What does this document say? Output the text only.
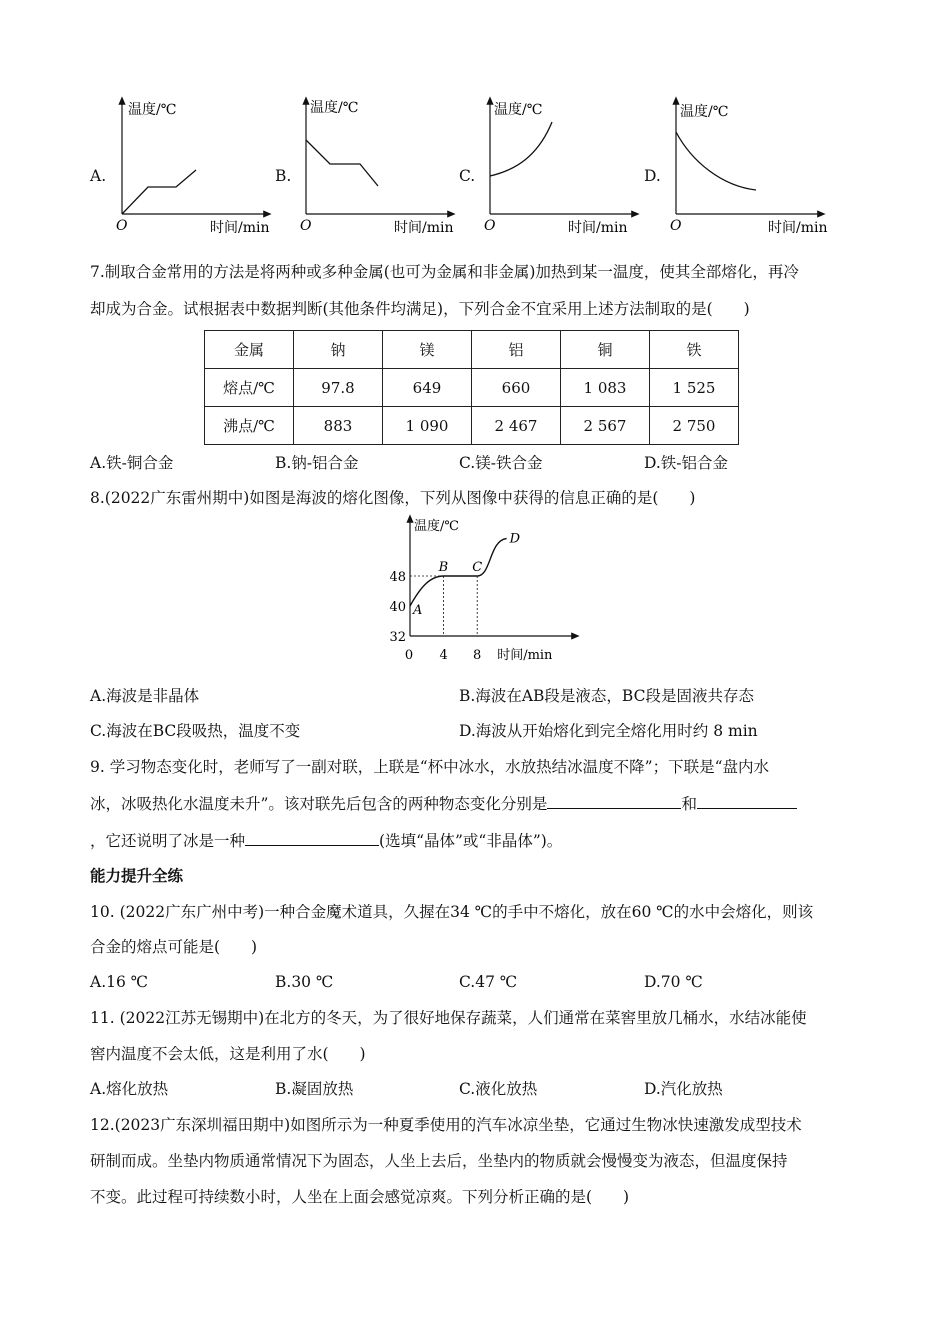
A.
温度/℃
O	时间/min
B.
温度/℃
O	时间/min
C.
温度/℃
O	时间/min
D.
温度/℃
O	时间/min
7.制取合金常用的方法是将两种或多种金属(也可为金属和非金属)加热到某一温度，使其全部熔化，再冷
却成为合金。试根据表中数据判断(其他条件均满足)，下列合金不宜采用上述方法制取的是(　　)
金属	钠	镁	铝	铜	铁
熔点/℃	97.8	649	660	1 083	1 525
沸点/℃	883	1 090	2 467	2 567	2 750
A.铁-铜合金	B.钠-铝合金	C.镁-铁合金	D.铁-铝合金
8.(2022广东雷州期中)如图是海波的熔化图像，下列从图像中获得的信息正确的是(　　)
温度/℃
时间/min
32
40
48
0 4 8
A
B C
D
A.海波是非晶体	B.海波在AB段是液态，BC段是固液共存态
C.海波在BC段吸热，温度不变	D.海波从开始熔化到完全熔化用时约 8 min
9. 学习物态变化时，老师写了一副对联，上联是“杯中冰水，水放热结冰温度不降”；下联是“盘内水
冰，冰吸热化水温度未升”。该对联先后包含的两种物态变化分别是	和
，它还说明了冰是一种	(选填“晶体”或“非晶体”)。
能力提升全练
10. (2022广东广州中考)一种合金魔术道具，久握在34 ℃的手中不熔化，放在60 ℃的水中会熔化，则该
合金的熔点可能是(　　)
A.16 ℃	B.30 ℃	C.47 ℃	D.70 ℃
11. (2022江苏无锡期中)在北方的冬天，为了很好地保存蔬菜，人们通常在菜窖里放几桶水，水结冰能使
窖内温度不会太低，这是利用了水(　　)
A.熔化放热	B.凝固放热	C.液化放热	D.汽化放热
12.(2023广东深圳福田期中)如图所示为一种夏季使用的汽车冰凉坐垫，它通过生物冰快速激发成型技术
研制而成。坐垫内物质通常情况下为固态，人坐上去后，坐垫内的物质就会慢慢变为液态，但温度保持
不变。此过程可持续数小时，人坐在上面会感觉凉爽。下列分析正确的是(　　)
